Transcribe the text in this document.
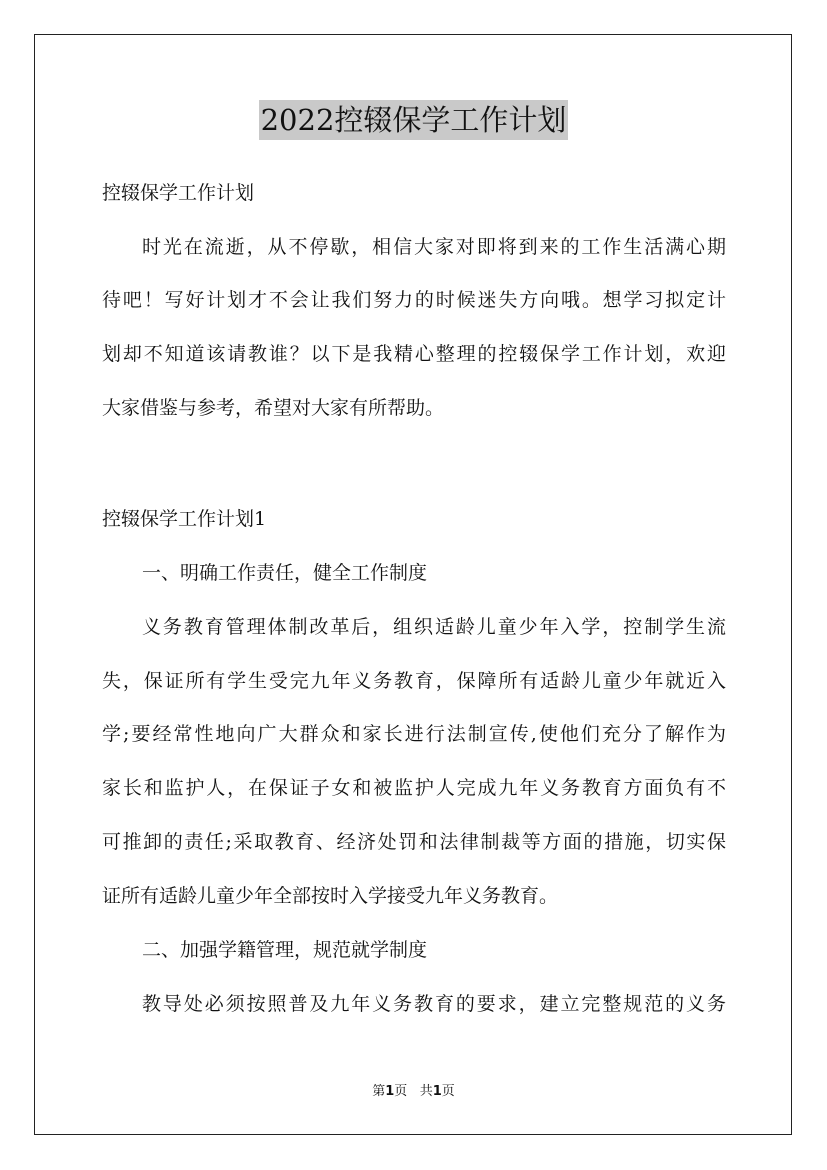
2022控辍保学工作计划
控辍保学工作计划
时光在流逝，从不停歇，相信大家对即将到来的工作生活满心期
待吧！写好计划才不会让我们努力的时候迷失方向哦。想学习拟定计
划却不知道该请教谁？以下是我精心整理的控辍保学工作计划，欢迎
大家借鉴与参考，希望对大家有所帮助。
控辍保学工作计划1
一、明确工作责任，健全工作制度
义务教育管理体制改革后，组织适龄儿童少年入学，控制学生流
失，保证所有学生受完九年义务教育，保障所有适龄儿童少年就近入
学;要经常性地向广大群众和家长进行法制宣传,使他们充分了解作为
家长和监护人，在保证子女和被监护人完成九年义务教育方面负有不
可推卸的责任;采取教育、经济处罚和法律制裁等方面的措施，切实保
证所有适龄儿童少年全部按时入学接受九年义务教育。
二、加强学籍管理，规范就学制度
教导处必须按照普及九年义务教育的要求，建立完整规范的义务
第1页 共1页
